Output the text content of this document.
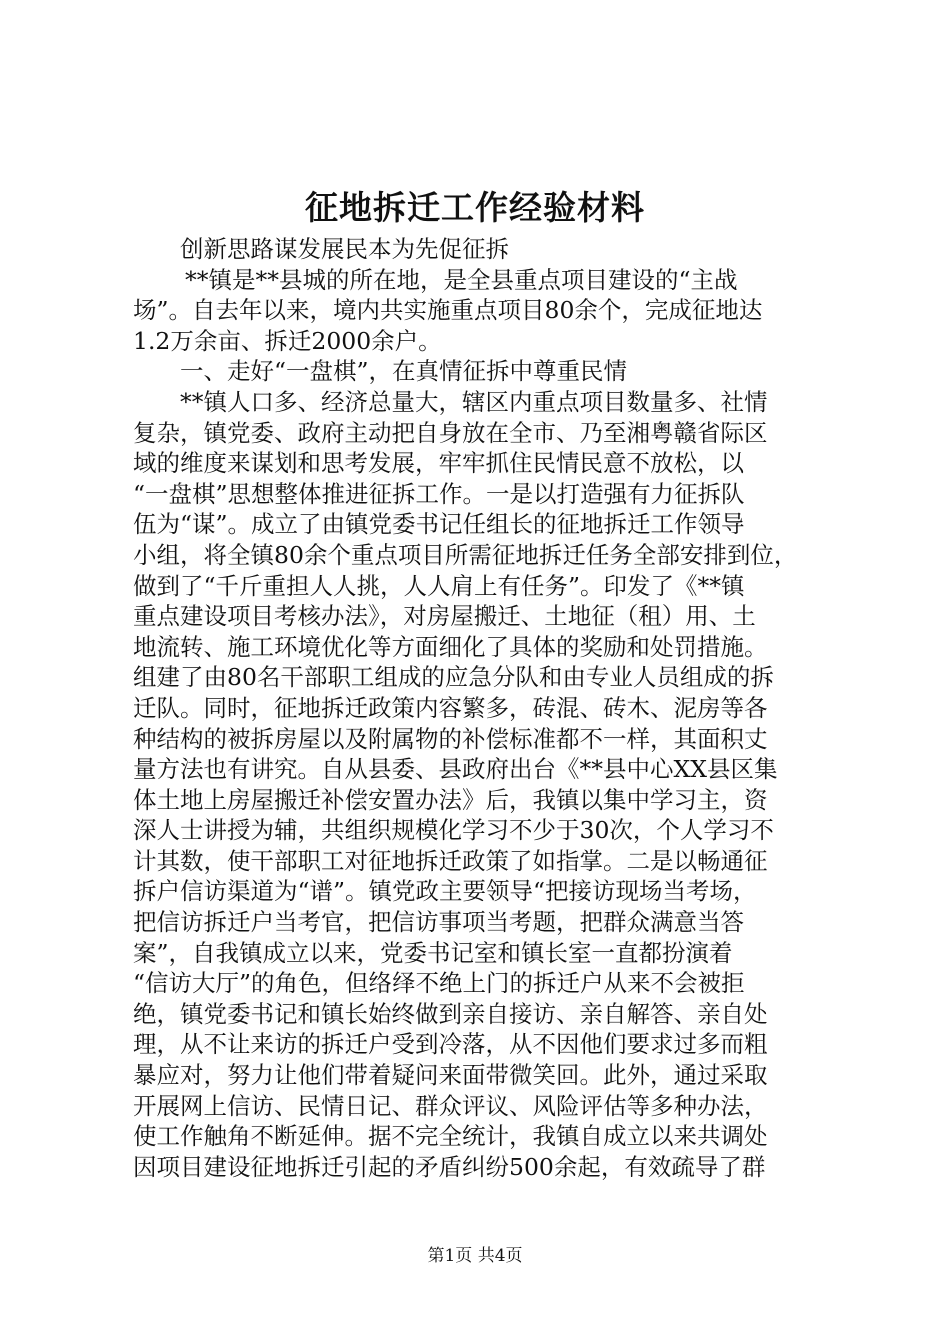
征地拆迁工作经验材料
创新思路谋发展民本为先促征拆
**镇是**县城的所在地，是全县重点项目建设的“主战
场”。自去年以来，境内共实施重点项目80余个，完成征地达
1.2万余亩、拆迁2000余户。
一、走好“一盘棋”，在真情征拆中尊重民情
**镇人口多、经济总量大，辖区内重点项目数量多、社情
复杂，镇党委、政府主动把自身放在全市、乃至湘粤赣省际区
域的维度来谋划和思考发展，牢牢抓住民情民意不放松，以
“一盘棋”思想整体推进征拆工作。一是以打造强有力征拆队
伍为“谋”。成立了由镇党委书记任组长的征地拆迁工作领导
小组，将全镇80余个重点项目所需征地拆迁任务全部安排到位，
做到了“千斤重担人人挑，人人肩上有任务”。印发了《**镇
重点建设项目考核办法》，对房屋搬迁、土地征（租）用、土
地流转、施工环境优化等方面细化了具体的奖励和处罚措施。
组建了由80名干部职工组成的应急分队和由专业人员组成的拆
迁队。同时，征地拆迁政策内容繁多，砖混、砖木、泥房等各
种结构的被拆房屋以及附属物的补偿标准都不一样，其面积丈
量方法也有讲究。自从县委、县政府出台《**县中心XX县区集
体土地上房屋搬迁补偿安置办法》后，我镇以集中学习主，资
深人士讲授为辅，共组织规模化学习不少于30次，个人学习不
计其数，使干部职工对征地拆迁政策了如指掌。二是以畅通征
拆户信访渠道为“谱”。镇党政主要领导“把接访现场当考场，
把信访拆迁户当考官，把信访事项当考题，把群众满意当答
案”，自我镇成立以来，党委书记室和镇长室一直都扮演着
“信访大厅”的角色，但络绎不绝上门的拆迁户从来不会被拒
绝，镇党委书记和镇长始终做到亲自接访、亲自解答、亲自处
理，从不让来访的拆迁户受到冷落，从不因他们要求过多而粗
暴应对，努力让他们带着疑问来面带微笑回。此外，通过采取
开展网上信访、民情日记、群众评议、风险评估等多种办法，
使工作触角不断延伸。据不完全统计，我镇自成立以来共调处
因项目建设征地拆迁引起的矛盾纠纷500余起，有效疏导了群
第1页 共4页
